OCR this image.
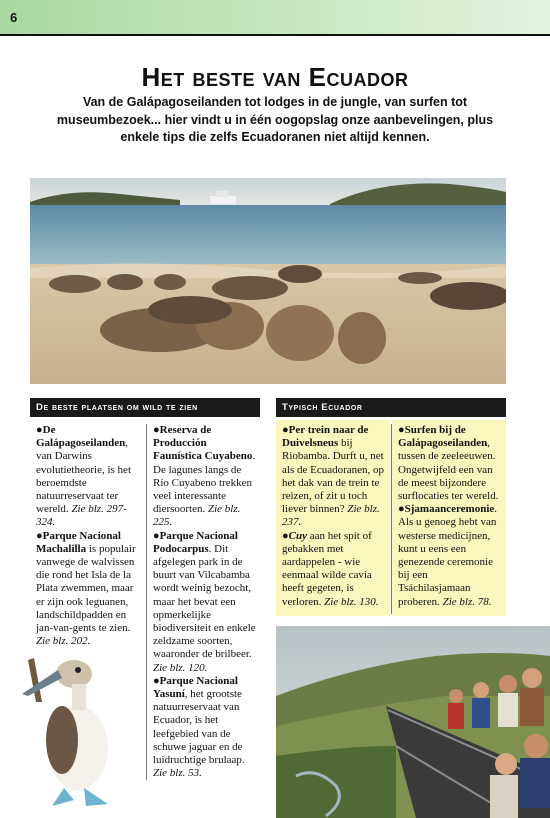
6
Het beste van Ecuador
Van de Galápagoseilanden tot lodges in de jungle, van surfen tot museumbezoek... hier vindt u in één oogopslag onze aanbevelingen, plus enkele tips die zelfs Ecuadoranen niet altijd kennen.
De beste plaatsen om wild te zien	Typisch Ecuador

●De Galápagoseilanden, van Darwins evolutietheorie, is het beroemdste natuurreservaat ter wereld. Zie blz. 297-324.

●Parque Nacional Machalilla is populair vanwege de walvissen die rond het Isla de la Plata zwemmen, maar er zijn ook leguanen, landschildpadden en jan-van-gents te zien. Zie blz. 202.

●Reserva de Producción Faunística Cuyabeno. De lagunes langs de Río Cuyabeno trekken veel interessante diersoorten. Zie blz. 225.

●Parque Nacional Podocarpus. Dit afgelegen park in de buurt van Vilcabamba wordt weinig bezocht, maar het bevat een opmerkelijke biodiversiteit en enkele zeldzame soorten, waaronder de brilbeer. Zie blz. 120.

●Parque Nacional Yasuní, het grootste natuurreservaat van Ecuador, is het leefgebied van de schuwe jaguar en de luidruchtige brulaap. Zie blz. 53.

●Per trein naar de Duivelsneus bij Riobamba. Durft u, net als de Ecuadoranen, op het dak van de trein te reizen, of zit u toch liever binnen? Zie blz. 237.

●Cuy aan het spit of gebakken met aardappelen - wie eenmaal wilde cavia heeft gegeten, is verloren. Zie blz. 130.

●Surfen bij de Galápagoseilanden, tussen de zeeleeuwen. Ongetwijfeld een van de meest bijzondere surflocaties ter wereld.

●Sjamaanceremonie. Als u genoeg hebt van westerse medicijnen, kunt u eens een genezende ceremonie bij een Tsáchilasjamaan proberen. Zie blz. 78.
